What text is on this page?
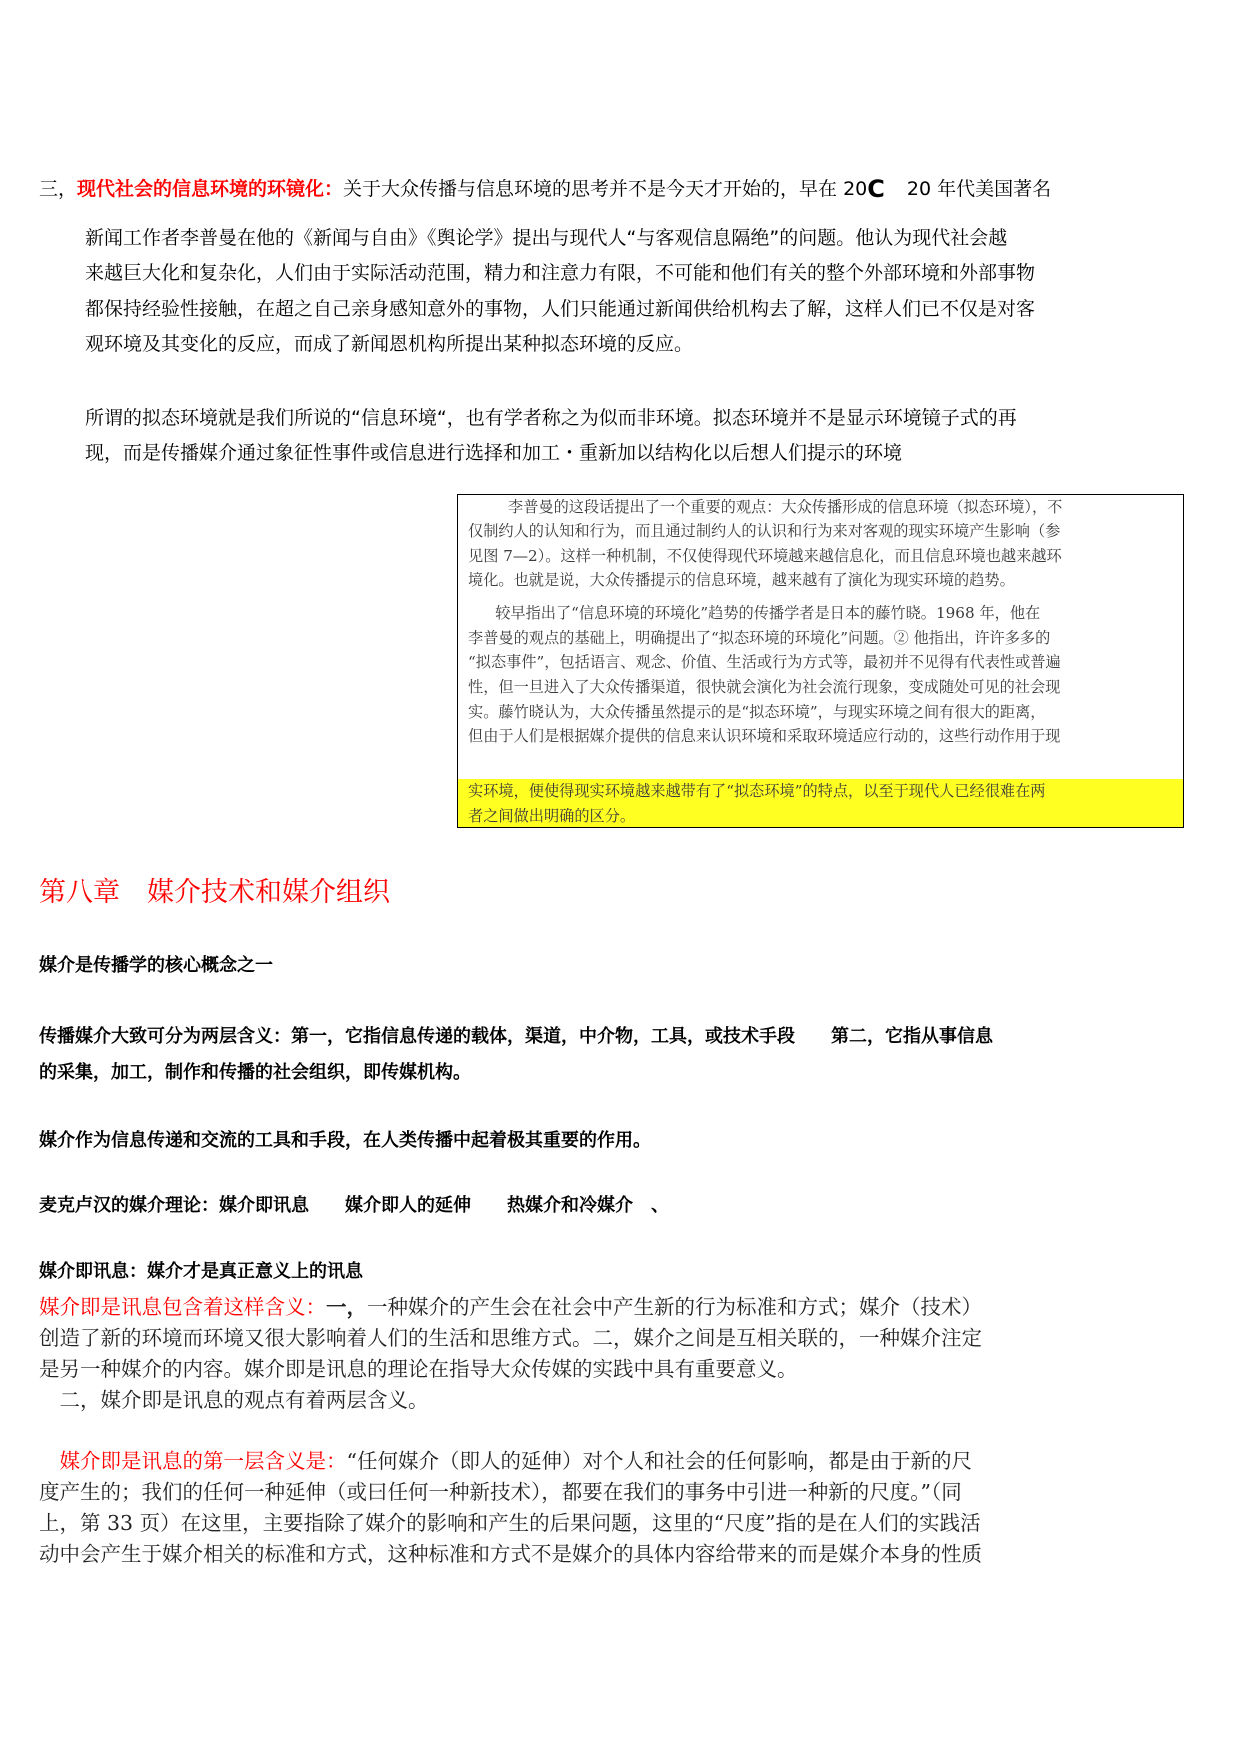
三，现代社会的信息环境的环镜化：关于大众传播与信息环境的思考并不是今天才开始的，早在 20C 20 年代美国著名
新闻工作者李普曼在他的《新闻与自由》《舆论学》提出与现代人“与客观信息隔绝”的问题。他认为现代社会越
来越巨大化和复杂化，人们由于实际活动范围，精力和注意力有限，不可能和他们有关的整个外部环境和外部事物
都保持经验性接触，在超之自己亲身感知意外的事物，人们只能通过新闻供给机构去了解，这样人们已不仅是对客
观环境及其变化的反应，而成了新闻恩机构所提出某种拟态环境的反应。
所谓的拟态环境就是我们所说的“信息环境“，也有学者称之为似而非环境。拟态环境并不是显示环境镜子式的再
现，而是传播媒介通过象征性事件或信息进行选择和加工・重新加以结构化以后想人们提示的环境
李普曼的这段话提出了一个重要的观点：大众传播形成的信息环境（拟态环境），不
仅制约人的认知和行为，而且通过制约人的认识和行为来对客观的现实环境产生影响（参
见图 7—2）。这样一种机制，不仅使得现代环境越来越信息化，而且信息环境也越来越环
境化。也就是说，大众传播提示的信息环境，越来越有了演化为现实环境的趋势。
　较早指出了“信息环境的环境化”趋势的传播学者是日本的藤竹晓。1968 年，他在
李普曼的观点的基础上，明确提出了“拟态环境的环境化”问题。② 他指出，许许多多的
“拟态事件”，包括语言、观念、价值、生活或行为方式等，最初并不见得有代表性或普遍
性，但一旦进入了大众传播渠道，很快就会演化为社会流行现象，变成随处可见的社会现
实。藤竹晓认为，大众传播虽然提示的是“拟态环境”，与现实环境之间有很大的距离，
但由于人们是根据媒介提供的信息来认识环境和采取环境适应行动的，这些行动作用于现
实环境，便使得现实环境越来越带有了“拟态环境”的特点，以至于现代人已经很难在两
者之间做出明确的区分。
第八章　媒介技术和媒介组织
媒介是传播学的核心概念之一
传播媒介大致可分为两层含义：第一，它指信息传递的载体，渠道，中介物，工具，或技术手段　　第二，它指从事信息
的采集，加工，制作和传播的社会组织，即传媒机构。
媒介作为信息传递和交流的工具和手段，在人类传播中起着极其重要的作用。
麦克卢汉的媒介理论：媒介即讯息　　媒介即人的延伸　　热媒介和冷媒介　、
媒介即讯息：媒介才是真正意义上的讯息
媒介即是讯息包含着这样含义：一，一种媒介的产生会在社会中产生新的行为标准和方式；媒介（技术）
创造了新的环境而环境又很大影响着人们的生活和思维方式。二，媒介之间是互相关联的，一种媒介注定
是另一种媒介的内容。媒介即是讯息的理论在指导大众传媒的实践中具有重要意义。
　二，媒介即是讯息的观点有着两层含义。
　媒介即是讯息的第一层含义是：“任何媒介（即人的延伸）对个人和社会的任何影响，都是由于新的尺
度产生的；我们的任何一种延伸（或曰任何一种新技术），都要在我们的事务中引进一种新的尺度。”（同
上，第 33 页）在这里，主要指除了媒介的影响和产生的后果问题，这里的“尺度”指的是在人们的实践活
动中会产生于媒介相关的标准和方式，这种标准和方式不是媒介的具体内容给带来的而是媒介本身的性质
